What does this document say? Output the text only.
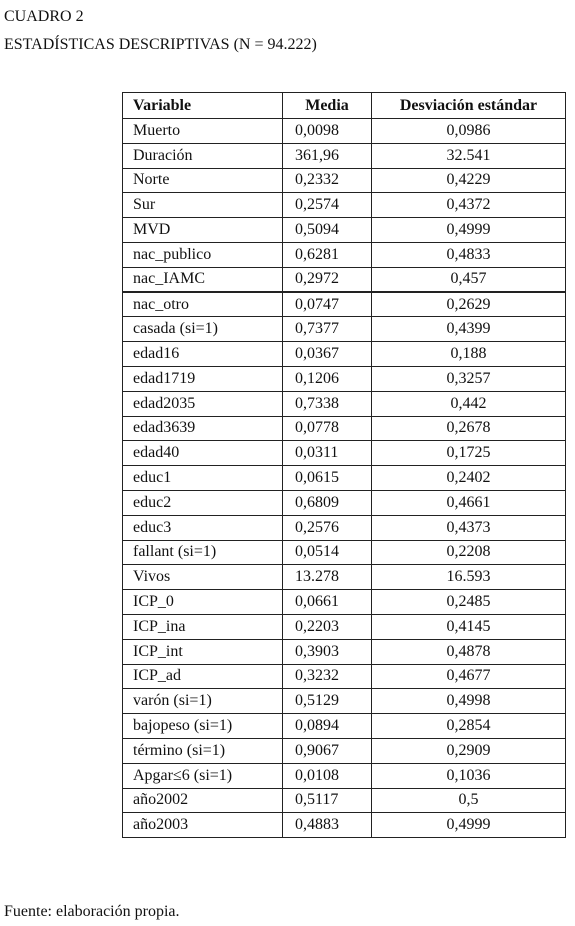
CUADRO 2
ESTADÍSTICAS DESCRIPTIVAS (N = 94.222)
Variable	Media	Desviación estándar
Muerto	0,0098	0,0986
Duración	361,96	32.541
Norte	0,2332	0,4229
Sur	0,2574	0,4372
MVD	0,5094	0,4999
nac_publico	0,6281	0,4833
nac_IAMC	0,2972	0,457
nac_otro	0,0747	0,2629
casada (si=1)	0,7377	0,4399
edad16	0,0367	0,188
edad1719	0,1206	0,3257
edad2035	0,7338	0,442
edad3639	0,0778	0,2678
edad40	0,0311	0,1725
educ1	0,0615	0,2402
educ2	0,6809	0,4661
educ3	0,2576	0,4373
fallant (si=1)	0,0514	0,2208
Vivos	13.278	16.593
ICP_0	0,0661	0,2485
ICP_ina	0,2203	0,4145
ICP_int	0,3903	0,4878
ICP_ad	0,3232	0,4677
varón (si=1)	0,5129	0,4998
bajopeso (si=1)	0,0894	0,2854
término (si=1)	0,9067	0,2909
Apgar≤6 (si=1)	0,0108	0,1036
año2002	0,5117	0,5
año2003	0,4883	0,4999
Fuente: elaboración propia.
